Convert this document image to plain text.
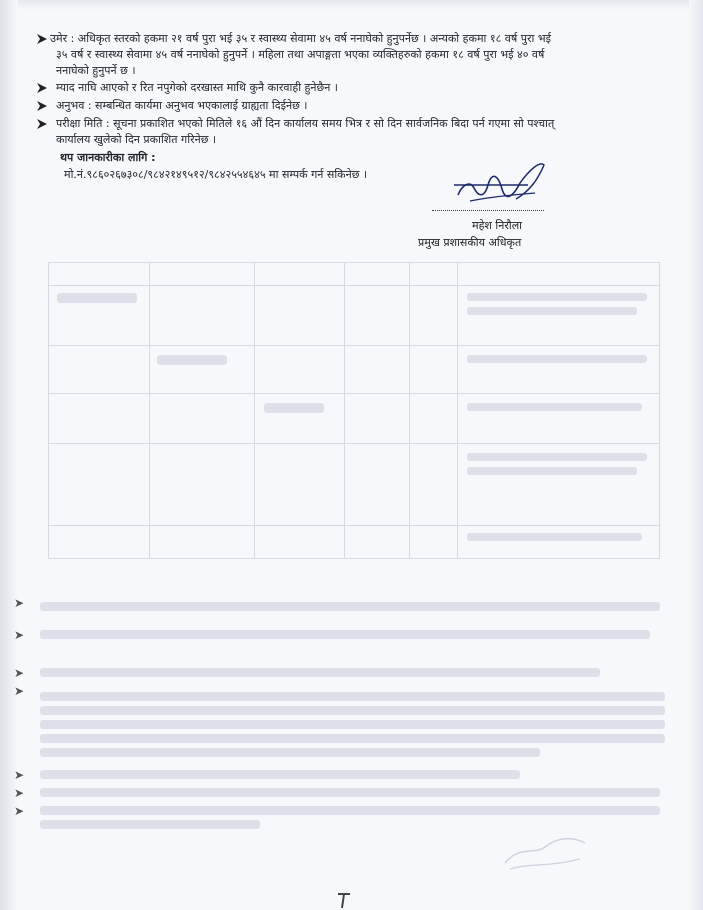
➤
➤
➤
➤
➤
➤
➤
उमेर : अधिकृत स्तरको हकमा २१ वर्ष पुरा भई ३५ र स्वास्थ्य सेवामा ४५ वर्ष ननाघेको हुनुपर्नेछ । अन्यको हकमा १८ वर्ष पुरा भई
३५ वर्ष र स्वास्थ्य सेवामा ४५ वर्ष ननाघेको हुनुपर्ने । महिला तथा अपाङ्गता भएका व्यक्तिहरुको हकमा १८ वर्ष पुरा भई ४० वर्ष
ननाघेको हुनुपर्ने छ ।
म्याद नाघि आएको र रित नपुगेको दरखास्त माथि कुनै कारवाही हुनेछैन ।
अनुभव : सम्बन्धित कार्यमा अनुभव भएकालाई ग्राह्यता दिईनेछ ।
परीक्षा मिति : सूचना प्रकाशित भएको मितिले १६ औं दिन कार्यालय समय भित्र र सो दिन सार्वजनिक बिदा पर्न गएमा सो पश्चात्
कार्यालय खुलेको दिन प्रकाशित गरिनेछ ।
थप जानकारीका लागि :
मो.नं.९८६०२६७३०८/९८४२१४९५१२/९८४२५५४६४५ मा सम्पर्क गर्न सकिनेछ ।
महेश निरौला
प्रमुख प्रशासकीय अधिकृत
